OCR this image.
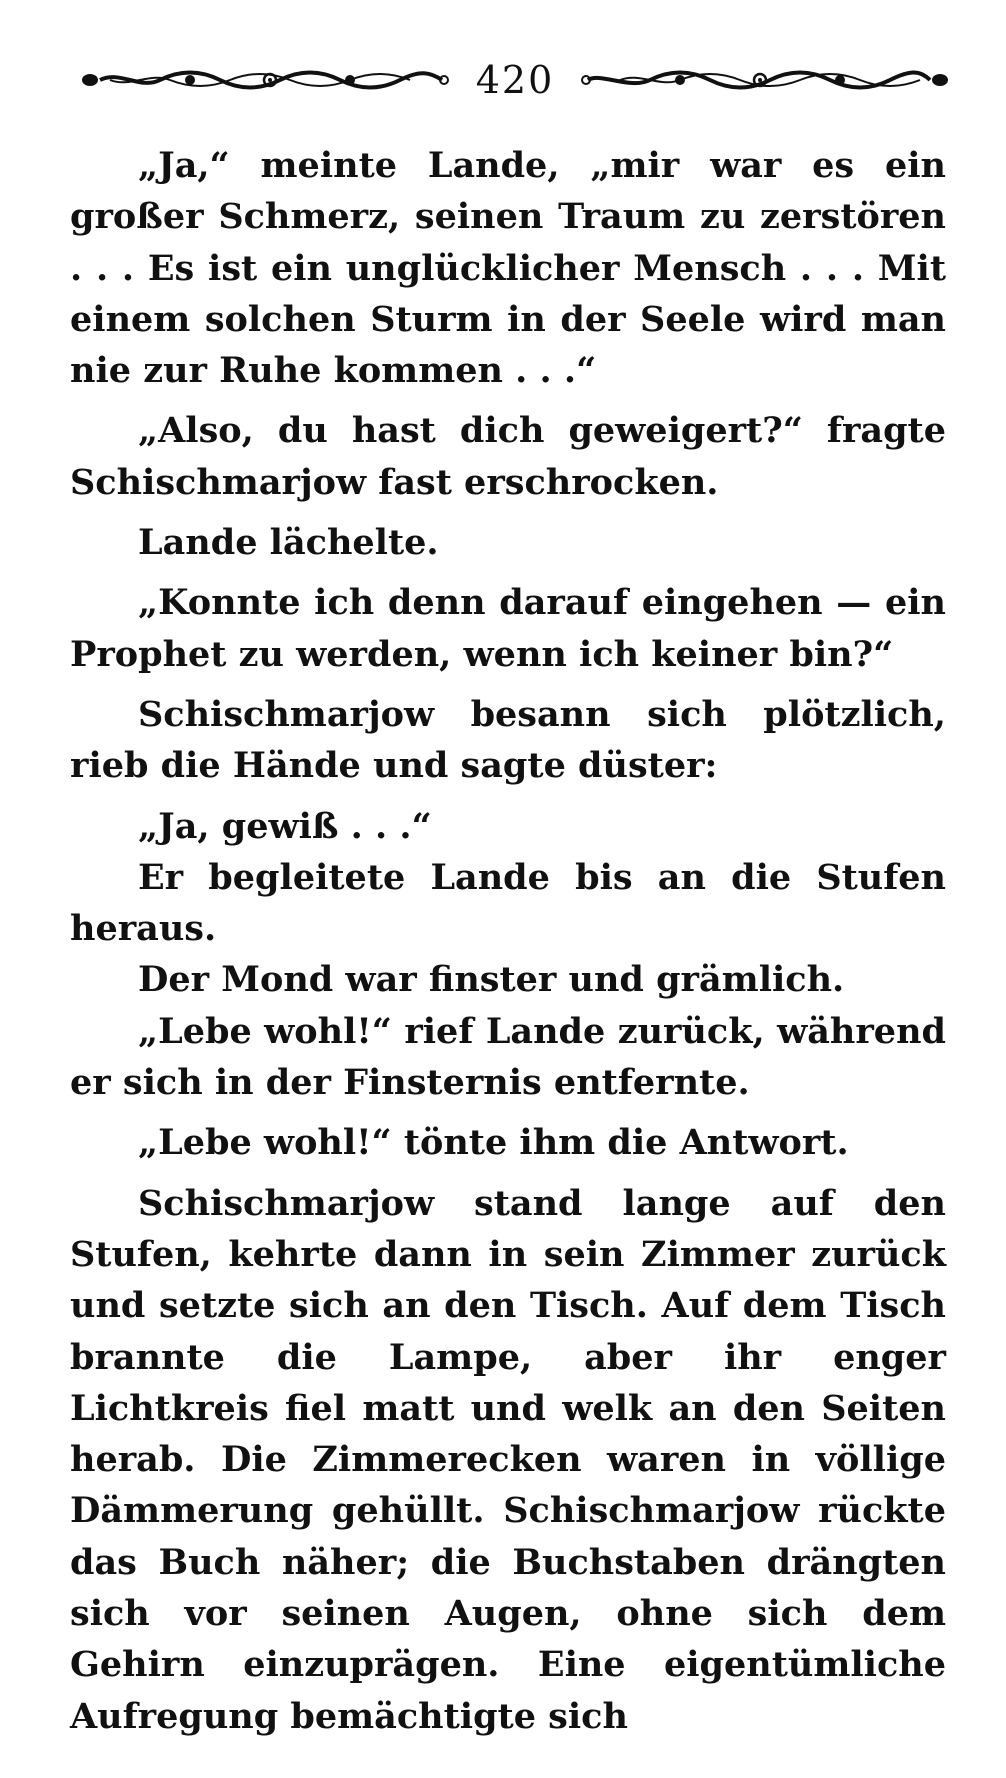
420

„Ja,“ meinte Lande, „mir war es ein großer Schmerz, seinen Traum zu zerstören . . . Es ist ein unglücklicher Mensch . . . Mit einem solchen Sturm in der Seele wird man nie zur Ruhe kommen . . .“

„Also, du hast dich geweigert?“ fragte Schischmarjow fast erschrocken.

Lande lächelte.

„Konnte ich denn darauf eingehen — ein Prophet zu werden, wenn ich keiner bin?“

Schischmarjow besann sich plötzlich, rieb die Hände und sagte düster:

„Ja, gewiß . . .“

Er begleitete Lande bis an die Stufen heraus.

Der Mond war finster und grämlich.

„Lebe wohl!“ rief Lande zurück, während er sich in der Finsternis entfernte.

„Lebe wohl!“ tönte ihm die Antwort.

Schischmarjow stand lange auf den Stufen, kehrte dann in sein Zimmer zurück und setzte sich an den Tisch. Auf dem Tisch brannte die Lampe, aber ihr enger Lichtkreis fiel matt und welk an den Seiten herab. Die Zimmerecken waren in völlige Dämmerung gehüllt. Schischmarjow rückte das Buch näher; die Buchstaben drängten sich vor seinen Augen, ohne sich dem Gehirn einzuprägen. Eine eigentümliche Aufregung bemächtigte sich
